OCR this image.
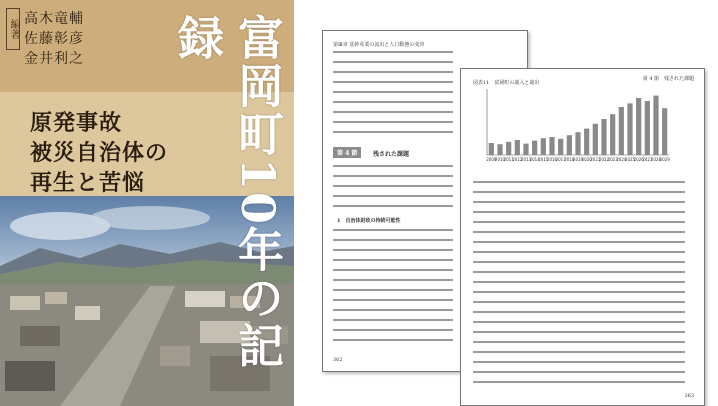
編著 高木竜輔
佐藤彰彦
金井利之
原発事故
被災自治体の
再生と苦悩 富岡町10年の記録	第Ⅲ章 基幹産業の流出と人口動態の変容
第 4 節	残された課題
1　自治体財政の持続可能性
362
第 4 節　残された課題
図表11　富岡町の歳入と歳出
2009
2010
2011
2012
2013
2014
2015
2016
2017
2018
2019
2020
2021
2022
2023
2024
2025
2026
2027
2028
2029
363
